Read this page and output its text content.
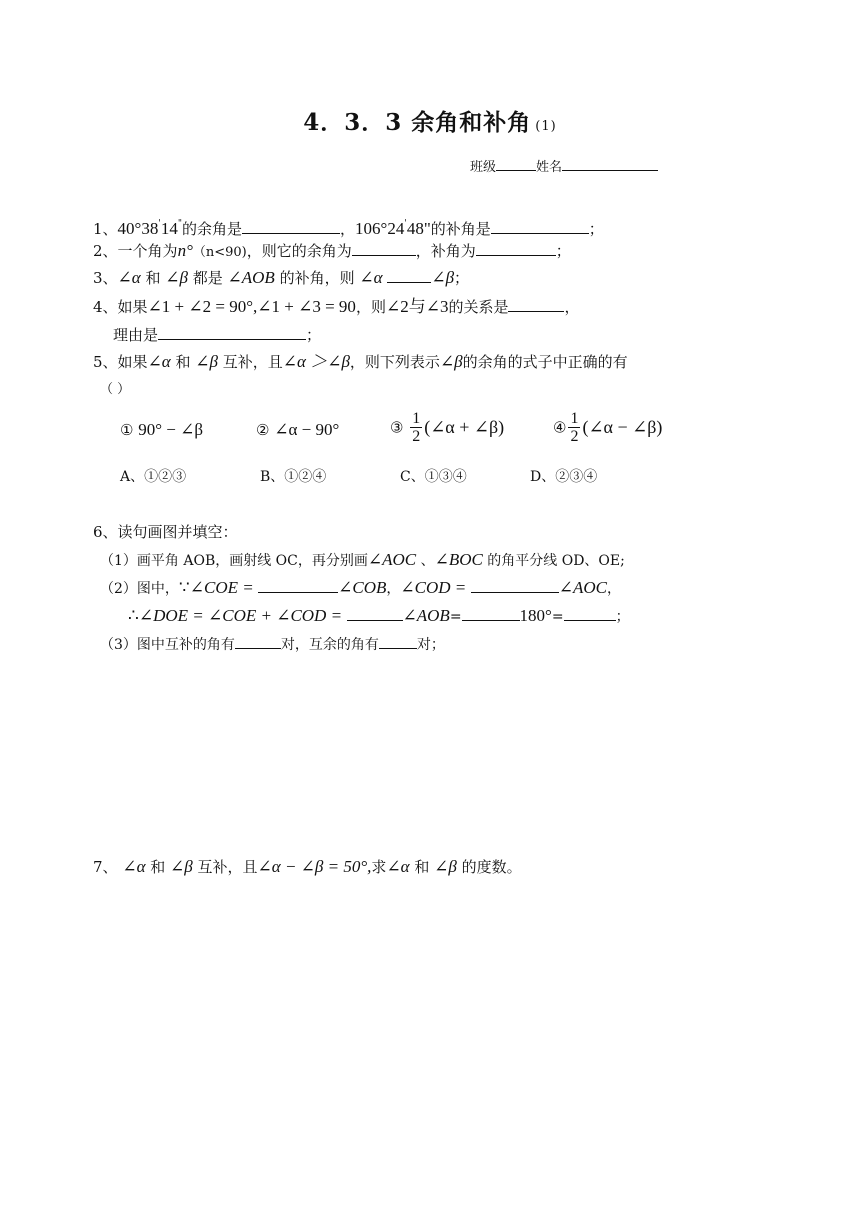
4．3．3 余角和补角 (1)
班级	姓名
1、40°38'14"的余角是	，106°24'48"的补角是	；
2、一个角为n°（n<90)，则它的余角为	，补角为	；
3、∠α 和 ∠β 都是 ∠AOB 的补角，则 ∠α	∠β；
4、如果∠1 + ∠2 = 90°,∠1 + ∠3 = 90，则∠2与∠3的关系是	，
理由是	；
5、如果∠α 和 ∠β 互补，且∠α ＞∠β，则下列表示∠β的余角的式子中正确的有
（ ）
① 90° − ∠β	② ∠α − 90°	③ $\frac{1}{2}$ (∠α + ∠β)	④ $\frac{1}{2}$ (∠α − ∠β)
A、①②③	B、①②④	C、①③④	D、②③④
6、读句画图并填空：
（1）画平角 AOB，画射线 OC，再分别画∠AOC 、∠BOC 的角平分线 OD、OE;
（2）图中，∵∠COE =	∠COB，∠COD =	∠AOC，
∴∠DOE = ∠COE + ∠COD =	∠AOB=	180°=	；
（3）图中互补的角有	对，互余的角有	对；
7、 ∠α 和 ∠β 互补，且∠α − ∠β = 50°,求∠α 和 ∠β 的度数。
